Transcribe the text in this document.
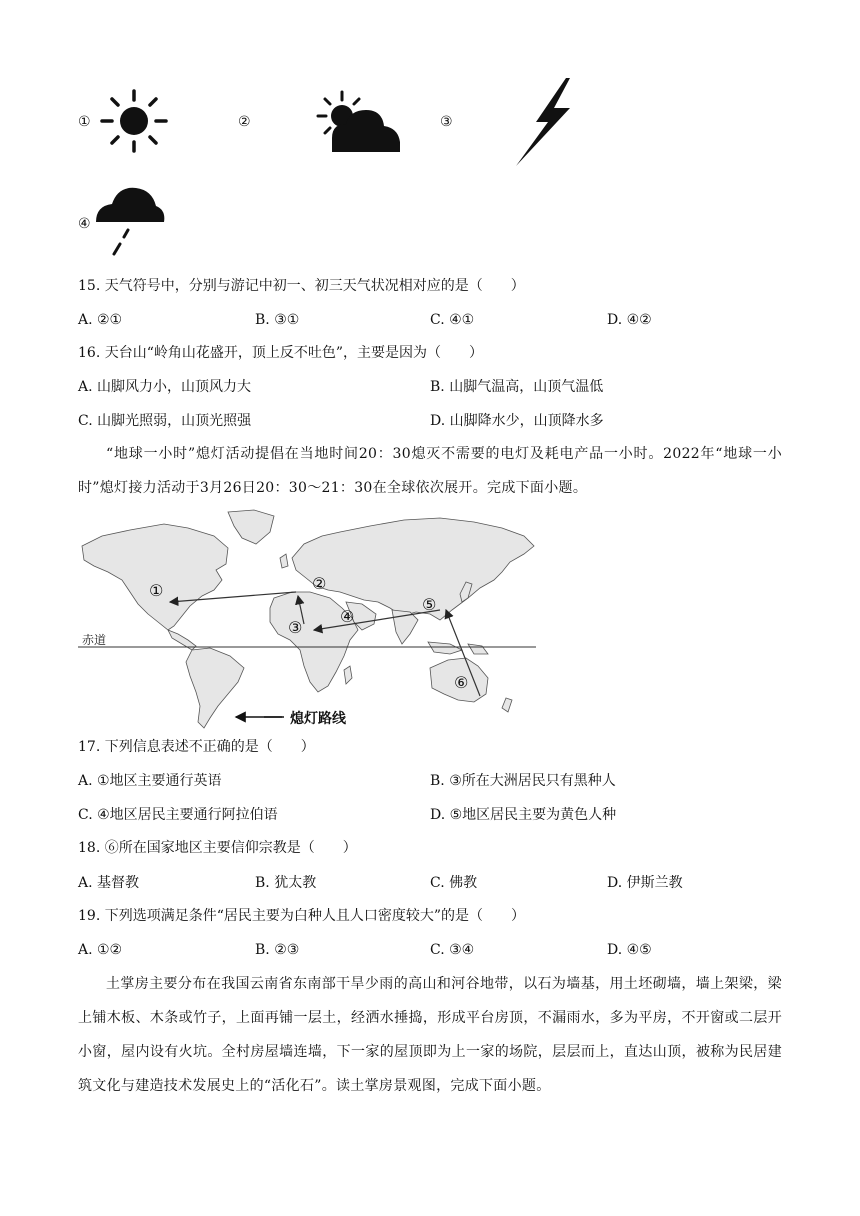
①	②	③
④
15. 天气符号中，分别与游记中初一、初三天气状况相对应的是（　　）
A. ②①	B. ③①	C. ④①	D. ④②
16. 天台山“岭角山花盛开，顶上反不吐色”，主要是因为（　　）
A. 山脚风力小，山顶风力大	B. 山脚气温高，山顶气温低
C. 山脚光照弱，山顶光照强	D. 山脚降水少，山顶降水多
“地球一小时”熄灯活动提倡在当地时间20：30熄灭不需要的电灯及耗电产品一小时。2022年“地球一小时”熄灯接力活动于3月26日20：30～21：30在全球依次展开。完成下面小题。
赤道
①	②
③
④
⑤
⑥
熄灯路线
17. 下列信息表述不正确的是（　　）
A. ①地区主要通行英语	B. ③所在大洲居民只有黑种人
C. ④地区居民主要通行阿拉伯语	D. ⑤地区居民主要为黄色人种
18. ⑥所在国家地区主要信仰宗教是（　　）
A. 基督教	B. 犹太教	C. 佛教	D. 伊斯兰教
19. 下列选项满足条件“居民主要为白种人且人口密度较大”的是（　　）
A. ①②	B. ②③	C. ③④	D. ④⑤
土掌房主要分布在我国云南省东南部干旱少雨的高山和河谷地带，以石为墙基，用土坯砌墙，墙上架梁，梁上铺木板、木条或竹子，上面再铺一层土，经洒水捶捣，形成平台房顶，不漏雨水，多为平房，不开窗或二层开小窗，屋内设有火坑。全村房屋墙连墙，下一家的屋顶即为上一家的场院，层层而上，直达山顶，被称为民居建筑文化与建造技术发展史上的“活化石”。读土掌房景观图，完成下面小题。
